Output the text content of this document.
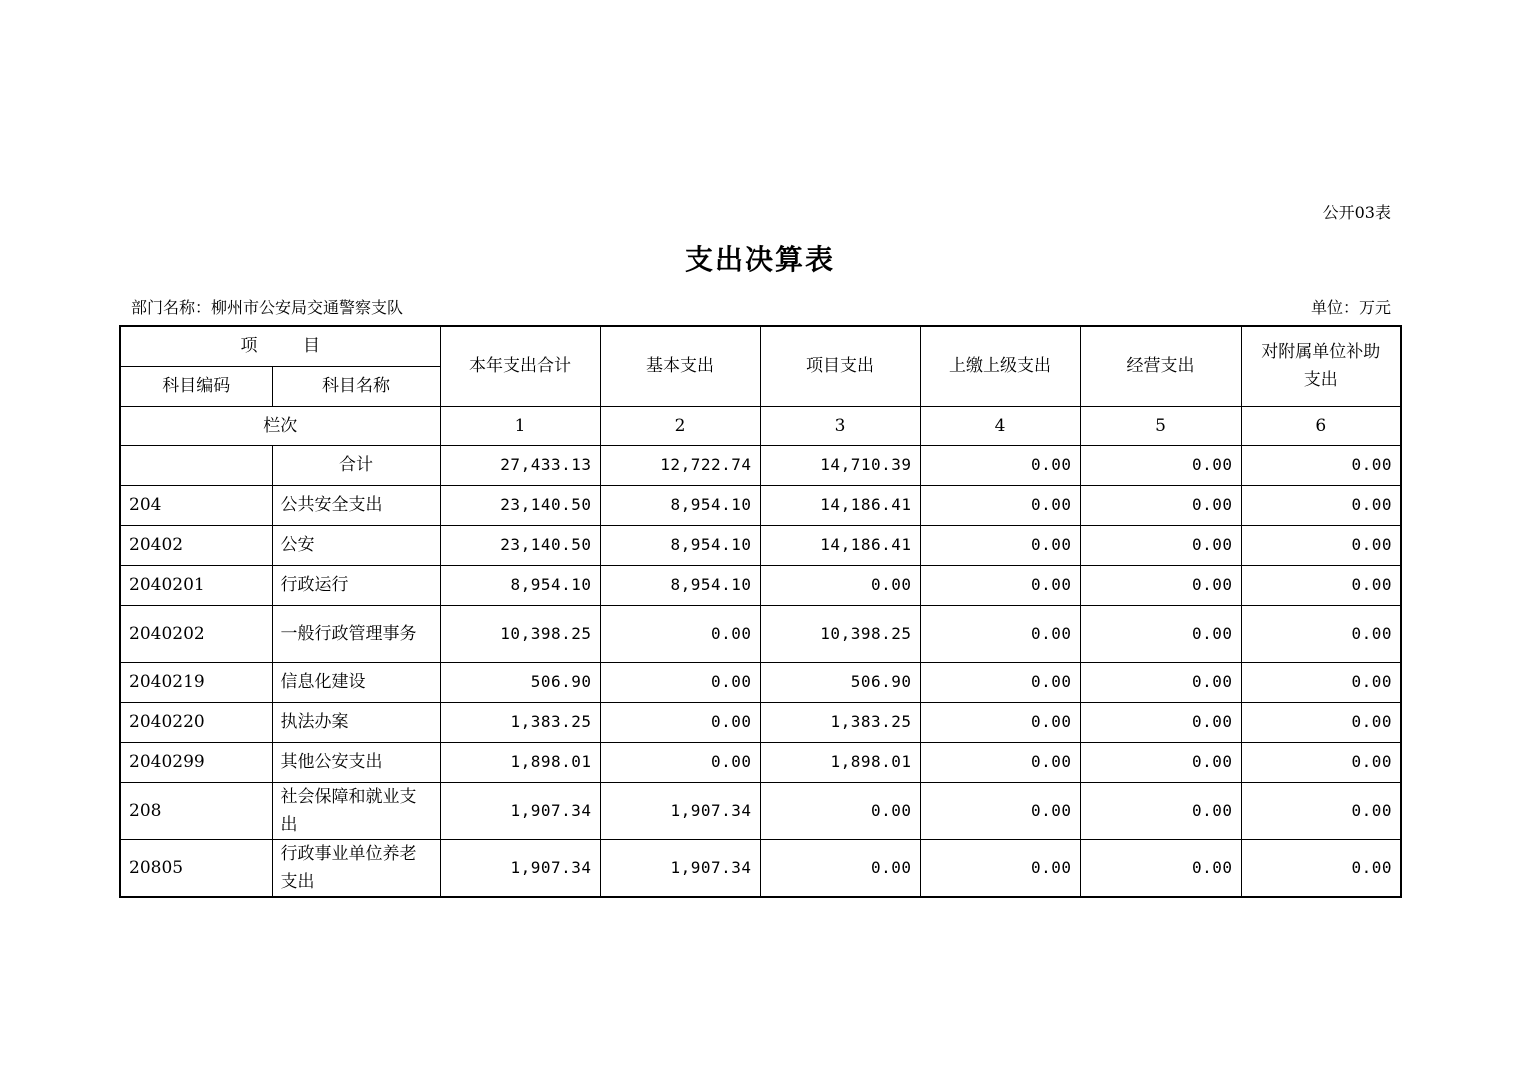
公开03表
支出决算表
部门名称：柳州市公安局交通警察支队	单位：万元
项 目		本年支出合计	基本支出	项目支出	上缴上级支出	经营支出	对附属单位补助支出
科目编码	科目名称						
栏次		1	2	3	4	5	6
	合计	27,433.13	12,722.74	14,710.39	0.00	0.00	0.00
204	公共安全支出	23,140.50	8,954.10	14,186.41	0.00	0.00	0.00
20402	公安	23,140.50	8,954.10	14,186.41	0.00	0.00	0.00
2040201	行政运行	8,954.10	8,954.10	0.00	0.00	0.00	0.00
2040202	一般行政管理事务	10,398.25	0.00	10,398.25	0.00	0.00	0.00
2040219	信息化建设	506.90	0.00	506.90	0.00	0.00	0.00
2040220	执法办案	1,383.25	0.00	1,383.25	0.00	0.00	0.00
2040299	其他公安支出	1,898.01	0.00	1,898.01	0.00	0.00	0.00
208	社会保障和就业支出	1,907.34	1,907.34	0.00	0.00	0.00	0.00
20805	行政事业单位养老支出	1,907.34	1,907.34	0.00	0.00	0.00	0.00
